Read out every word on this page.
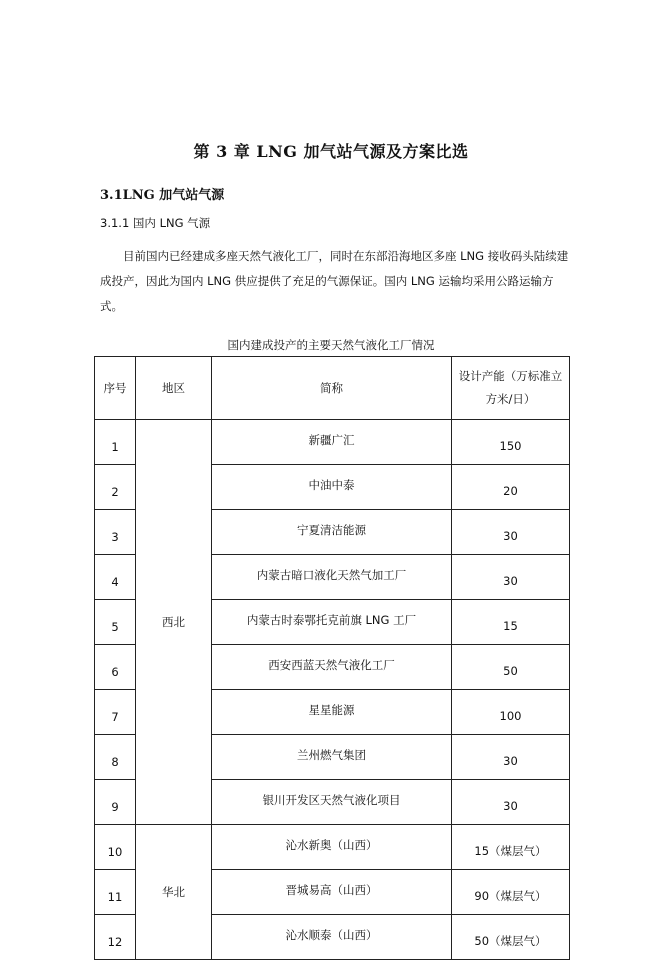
第 3 章 LNG 加气站气源及方案比选
3.1LNG 加气站气源
3.1.1 国内 LNG 气源

目前国内已经建成多座天然气液化工厂，同时在东部沿海地区多座 LNG 接收码头陆续建成投产，因此为国内 LNG 供应提供了充足的气源保证。国内 LNG 运输均采用公路运输方式。

国内建成投产的主要天然气液化工厂情况
序号	地区	简称	设计产能（万标准立
方米/日）
1	西北	新疆广汇	150
2		中油中泰	20
3		宁夏清洁能源	30
4		内蒙古暗口液化天然气加工厂	30
5		内蒙古时泰鄂托克前旗 LNG 工厂	15
6		西安西蓝天然气液化工厂	50
7		星星能源	100
8		兰州燃气集团	30
9		银川开发区天然气液化项目	30
10	华北	沁水新奥（山西）	15（煤层气）
11		晋城易高（山西）	90（煤层气）
12		沁水顺泰（山西）	50（煤层气）
